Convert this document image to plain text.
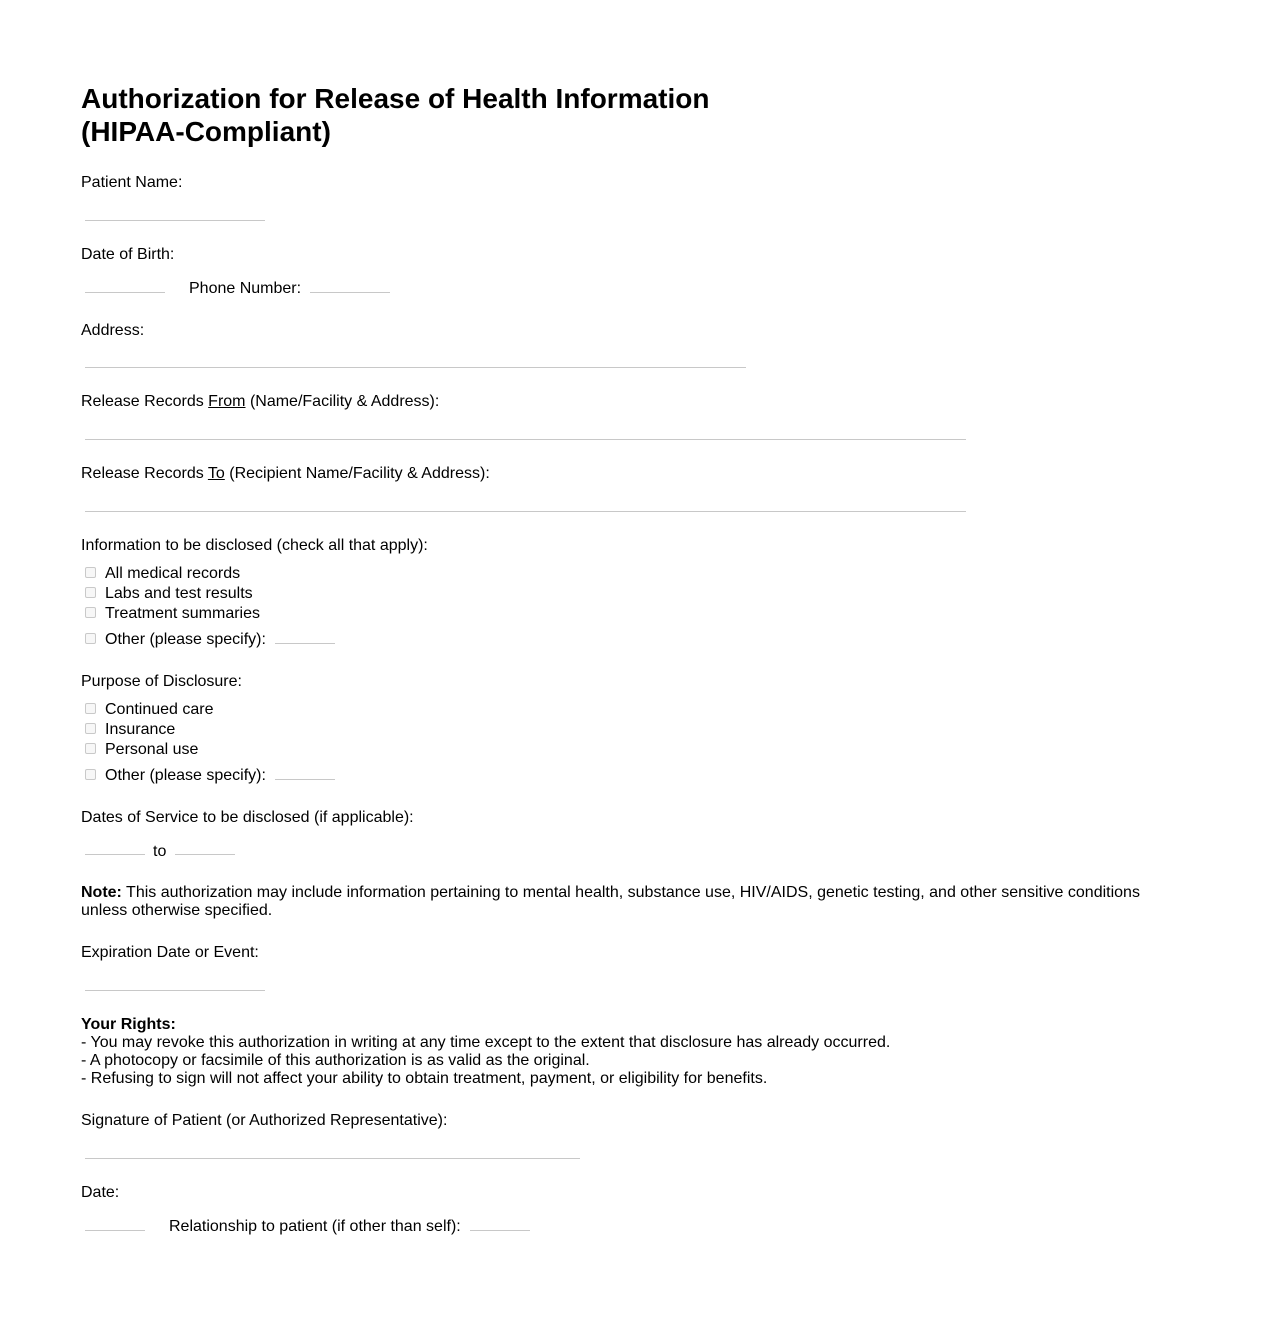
Authorization for Release of Health Information (HIPAA-Compliant)
Patient Name:
Date of Birth:
Phone Number:
Address:
Release Records From (Name/Facility & Address):
Release Records To (Recipient Name/Facility & Address):
Information to be disclosed (check all that apply):
All medical records
Labs and test results
Treatment summaries
Other (please specify):
Purpose of Disclosure:
Continued care
Insurance
Personal use
Other (please specify):
Dates of Service to be disclosed (if applicable):
to
Note: This authorization may include information pertaining to mental health, substance use, HIV/AIDS, genetic testing, and other sensitive conditions unless otherwise specified.
Expiration Date or Event:
Your Rights:
- You may revoke this authorization in writing at any time except to the extent that disclosure has already occurred.
- A photocopy or facsimile of this authorization is as valid as the original.
- Refusing to sign will not affect your ability to obtain treatment, payment, or eligibility for benefits.
Signature of Patient (or Authorized Representative):
Date:
Relationship to patient (if other than self):
